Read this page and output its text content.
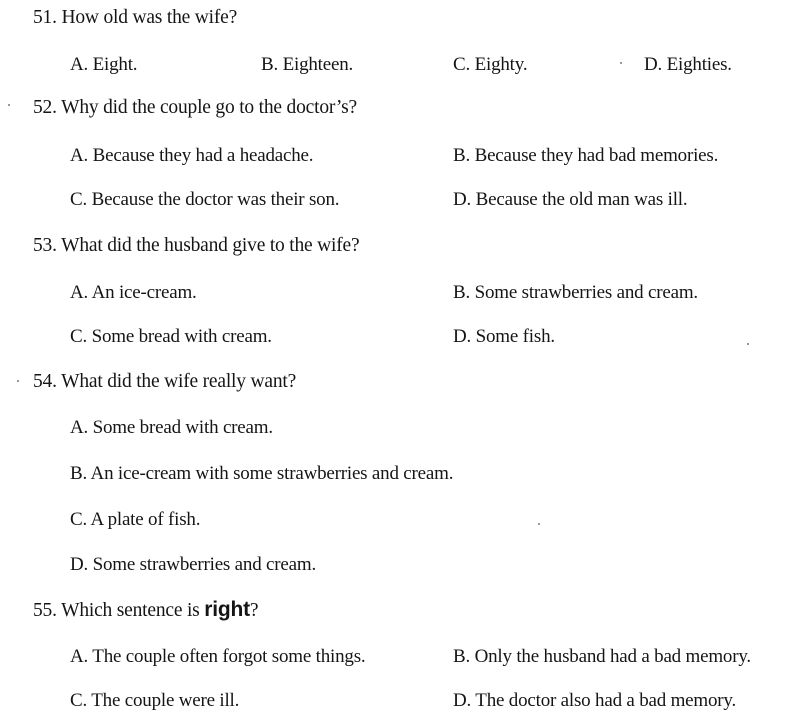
51. How old was the wife?
A. Eight.	B. Eighteen.	C. Eighty.	D. Eighties.
52. Why did the couple go to the doctor’s?
A. Because they had a headache.	B. Because they had bad memories.
C. Because the doctor was their son.	D. Because the old man was ill.
53. What did the husband give to the wife?
A. An ice-cream.	B. Some strawberries and cream.
C. Some bread with cream.	D. Some fish.
54. What did the wife really want?
A. Some bread with cream.
B. An ice-cream with some strawberries and cream.
C. A plate of fish.
D. Some strawberries and cream.
55. Which sentence is right?
A. The couple often forgot some things.	B. Only the husband had a bad memory.
C. The couple were ill.	D. The doctor also had a bad memory.
